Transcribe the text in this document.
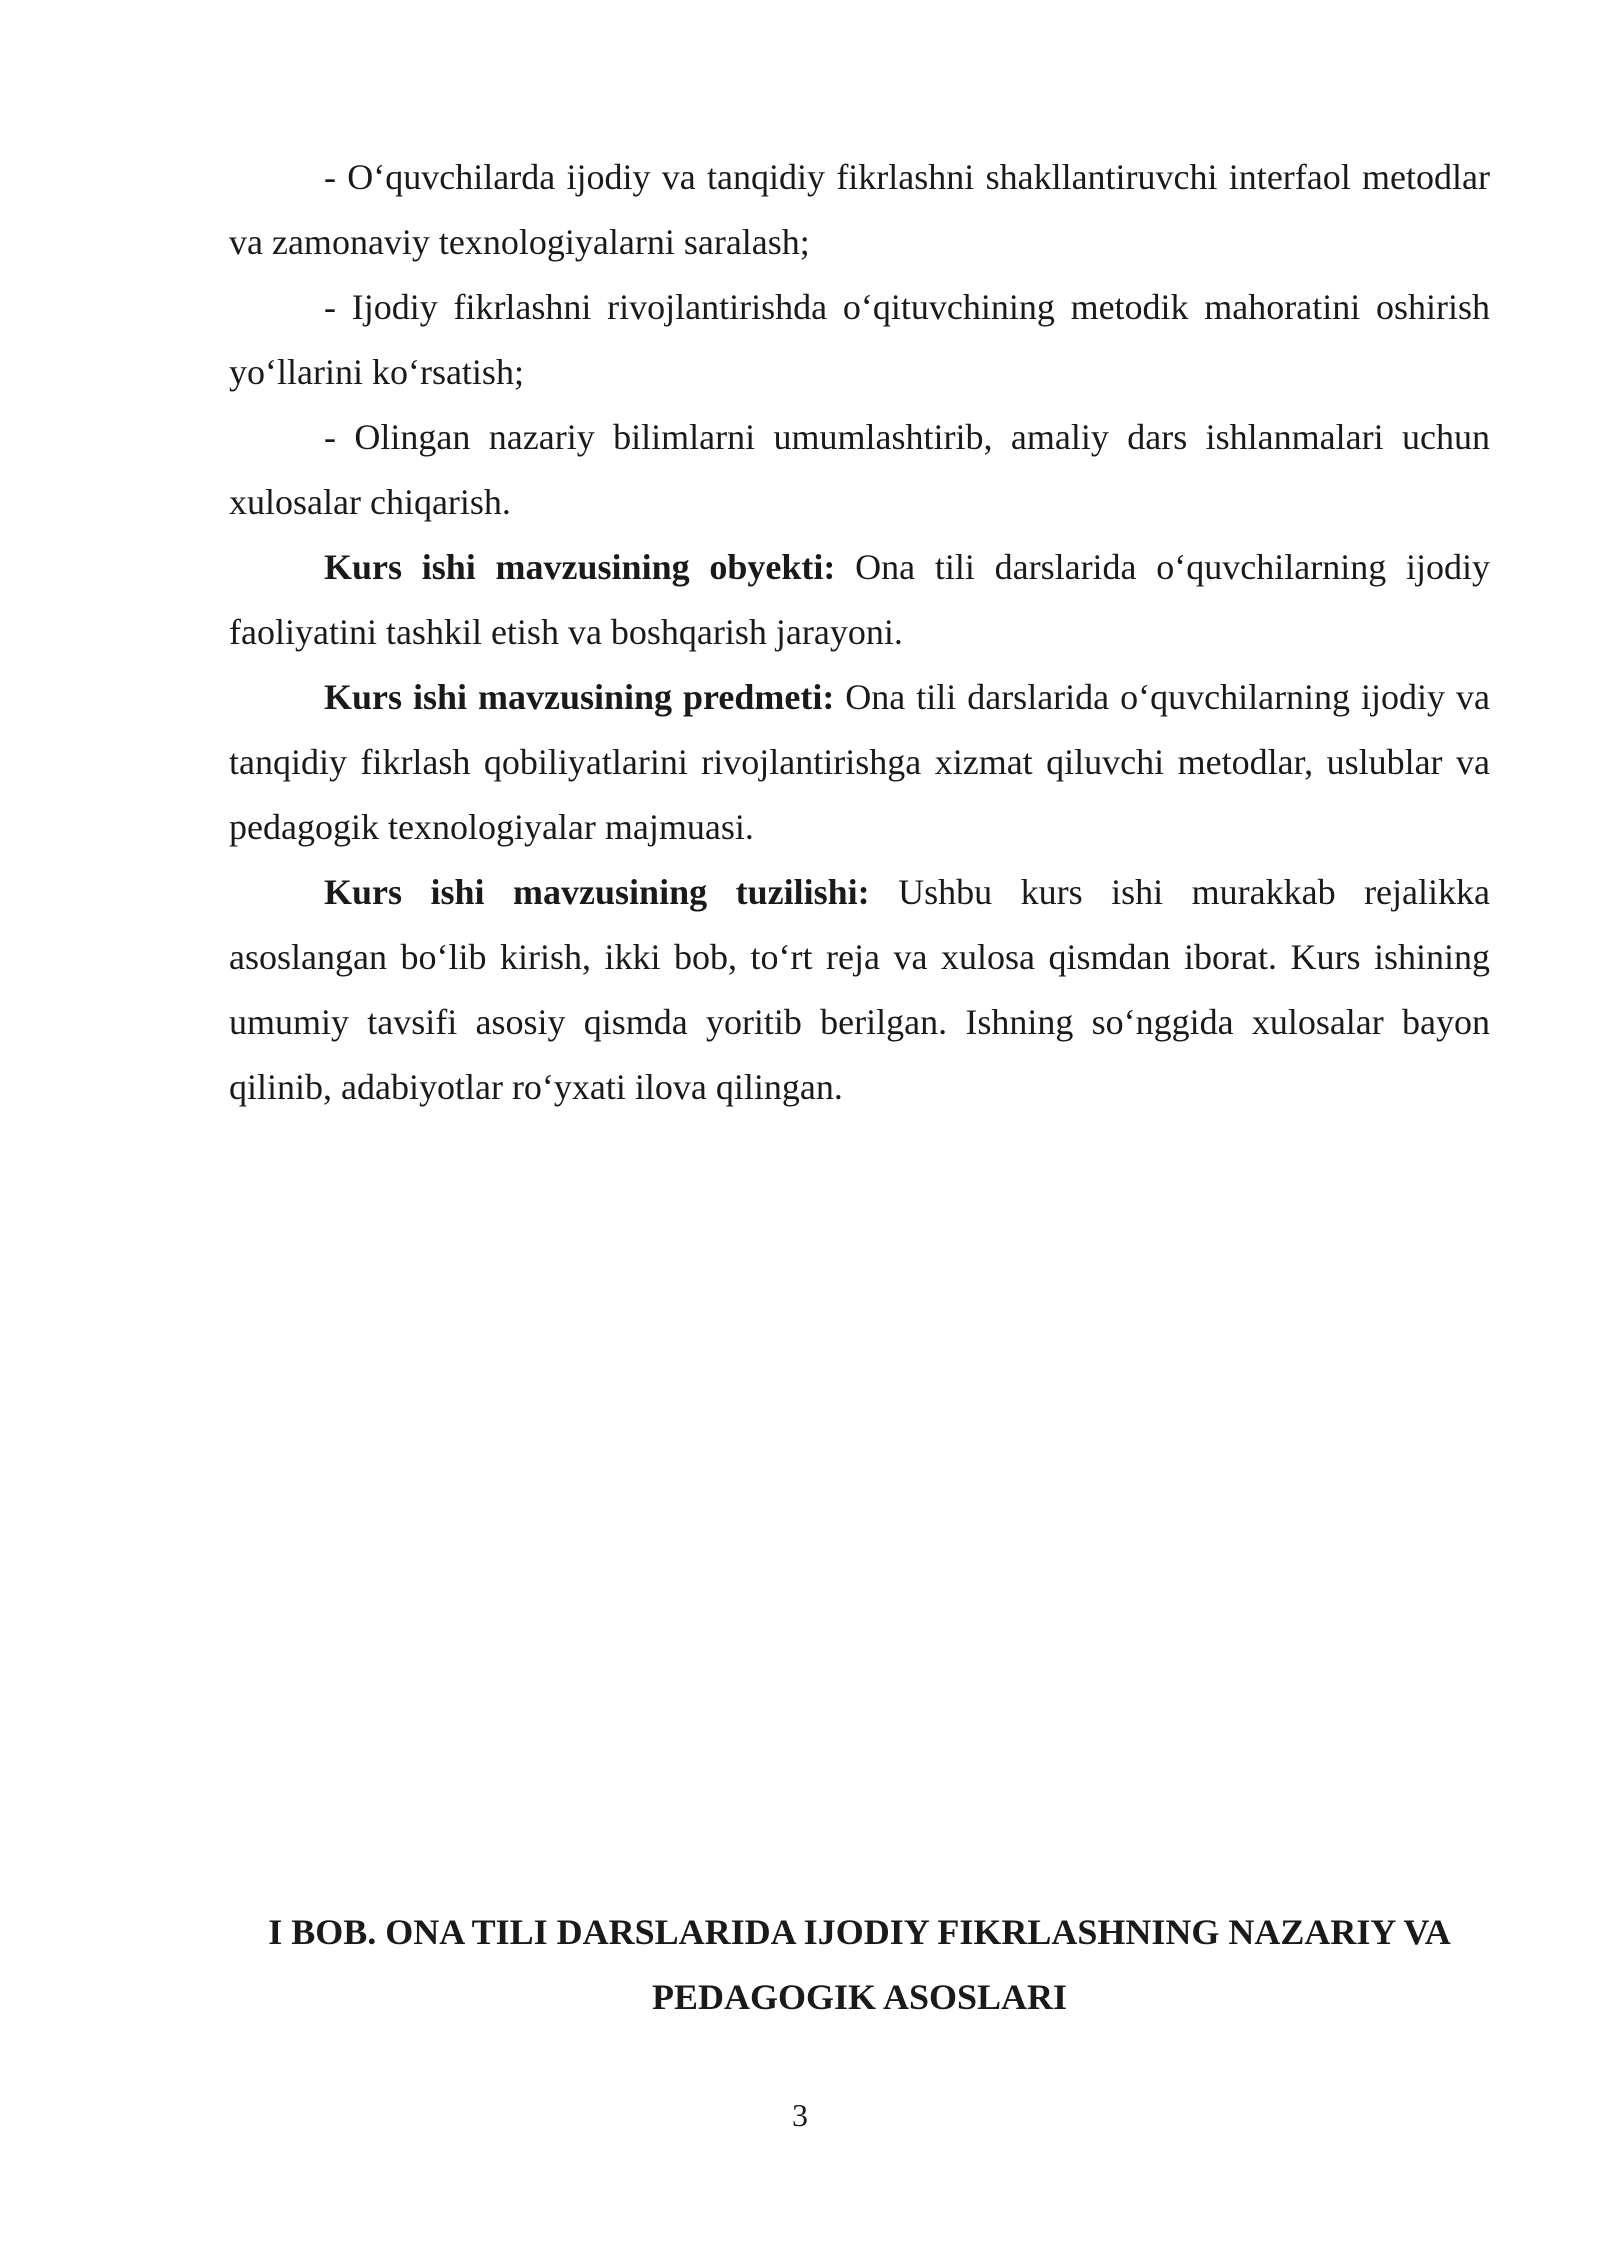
- O‘quvchilarda ijodiy va tanqidiy fikrlashni shakllantiruvchi interfaol metodlar va zamonaviy texnologiyalarni saralash;

- Ijodiy fikrlashni rivojlantirishda o‘qituvchining metodik mahoratini oshirish yo‘llarini ko‘rsatish;

- Olingan nazariy bilimlarni umumlashtirib, amaliy dars ishlanmalari uchun xulosalar chiqarish.

Kurs ishi mavzusining obyekti: Ona tili darslarida o‘quvchilarning ijodiy faoliyatini tashkil etish va boshqarish jarayoni.

Kurs ishi mavzusining predmeti: Ona tili darslarida o‘quvchilarning ijodiy va tanqidiy fikrlash qobiliyatlarini rivojlantirishga xizmat qiluvchi metodlar, uslublar va pedagogik texnologiyalar majmuasi.

Kurs ishi mavzusining tuzilishi: Ushbu kurs ishi murakkab rejalikka asoslangan bo‘lib kirish, ikki bob, to‘rt reja va xulosa qismdan iborat. Kurs ishining umumiy tavsifi asosiy qismda yoritib berilgan. Ishning so‘nggida xulosalar bayon qilinib, adabiyotlar ro‘yxati ilova qilingan.

I BOB. ONA TILI DARSLARIDA IJODIY FIKRLASHNING NAZARIY VA PEDAGOGIK ASOSLARI
3
